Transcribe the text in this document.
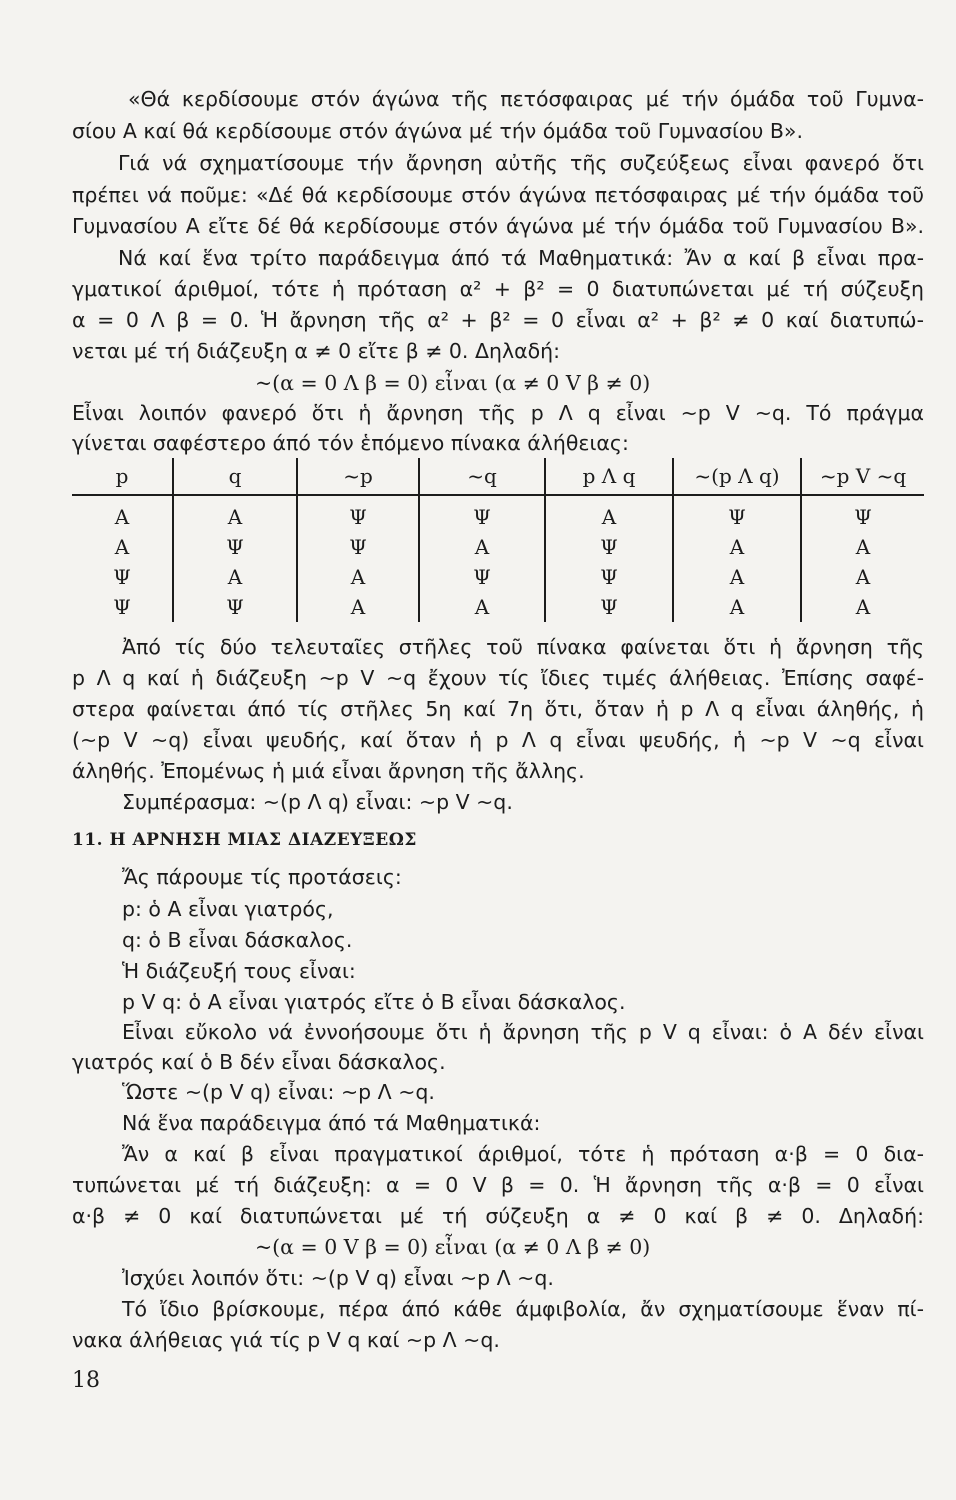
«Θά κερδίσουμε στόν άγώνα τῆς πετόσφαιρας μέ τήν όμάδα τοῦ Γυμνα-
σίου Α καί θά κερδίσουμε στόν άγώνα μέ τήν όμάδα τοῦ Γυμνασίου Β».
Γιά νά σχηματίσουμε τήν ἄρνηση αὐτῆς τῆς συζεύξεως εἶναι φανερό ὅτι
πρέπει νά ποῦμε: «Δέ θά κερδίσουμε στόν άγώνα πετόσφαιρας μέ τήν όμάδα τοῦ
Γυμνασίου Α εἴτε δέ θά κερδίσουμε στόν άγώνα μέ τήν όμάδα τοῦ Γυμνασίου Β».
Νά καί ἕνα τρίτο παράδειγμα άπό τά Μαθηματικά: Ἄν α καί β εἶναι πρα-
γματικοί άριθμοί, τότε ἡ πρόταση α² + β² = 0 διατυπώνεται μέ τή σύζευξη
α = 0 Λ β = 0. Ἡ ἄρνηση τῆς α² + β² = 0 εἶναι α² + β² ≠ 0 καί διατυπώ-
νεται μέ τή διάζευξη α ≠ 0 εἴτε β ≠ 0. Δηλαδή:
~(α = 0 Λ β = 0) εἶναι (α ≠ 0 V β ≠ 0)
Εἶναι λοιπόν φανερό ὅτι ἡ ἄρνηση τῆς p Λ q εἶναι ~p V ~q. Τό πράγμα
γίνεται σαφέστερο άπό τόν ἑπόμενο πίνακα άλήθειας:
p	q	~p	~q	p Λ q	~(p Λ q)	~p V ~q
Α	Α	Ψ	Ψ	Α	Ψ	Ψ
Α	Ψ	Ψ	Α	Ψ	Α	Α
Ψ	Α	Α	Ψ	Ψ	Α	Α
Ψ	Ψ	Α	Α	Ψ	Α	Α
Ἀπό τίς δύο τελευταῖες στῆλες τοῦ πίνακα φαίνεται ὅτι ἡ ἄρνηση τῆς
p Λ q καί ἡ διάζευξη ~p V ~q ἔχουν τίς ἴδιες τιμές άλήθειας. Ἐπίσης σαφέ-
στερα φαίνεται άπό τίς στῆλες 5η καί 7η ὅτι, ὅταν ἡ p Λ q εἶναι άληθής, ἡ
(~p V ~q) εἶναι ψευδής, καί ὅταν ἡ p Λ q εἶναι ψευδής, ἡ ~p V ~q εἶναι
άληθής. Ἐπομένως ἡ μιά εἶναι ἄρνηση τῆς ἄλλης.
Συμπέρασμα: ~(p Λ q) εἶναι: ~p V ~q.
11. Η ΑΡΝΗΣΗ ΜΙΑΣ ΔΙΑΖΕΥΞΕΩΣ
Ἄς πάρουμε τίς προτάσεις:
p: ὁ Α εἶναι γιατρός,
q: ὁ Β εἶναι δάσκαλος.
Ἡ διάζευξή τους εἶναι:
p V q: ὁ Α εἶναι γιατρός εἴτε ὁ Β εἶναι δάσκαλος.
Εἶναι εὔκολο νά ἐννοήσουμε ὅτι ἡ ἄρνηση τῆς p V q εἶναι: ὁ Α δέν εἶναι
γιατρός καί ὁ Β δέν εἶναι δάσκαλος.
Ὥστε ~(p V q) εἶναι: ~p Λ ~q.
Νά ἕνα παράδειγμα άπό τά Μαθηματικά:
Ἄν α καί β εἶναι πραγματικοί άριθμοί, τότε ἡ πρόταση α·β = 0 δια-
τυπώνεται μέ τή διάζευξη: α = 0 V β = 0. Ἡ ἄρνηση τῆς α·β = 0 εἶναι
α·β ≠ 0 καί διατυπώνεται μέ τή σύζευξη α ≠ 0 καί β ≠ 0. Δηλαδή:
~(α = 0 V β = 0) εἶναι (α ≠ 0 Λ β ≠ 0)
Ἰσχύει λοιπόν ὅτι: ~(p V q) εἶναι ~p Λ ~q.
Τό ἴδιο βρίσκουμε, πέρα άπό κάθε άμφιβολία, ἄν σχηματίσουμε ἕναν πί-
νακα άλήθειας γιά τίς p V q καί ~p Λ ~q.
18
